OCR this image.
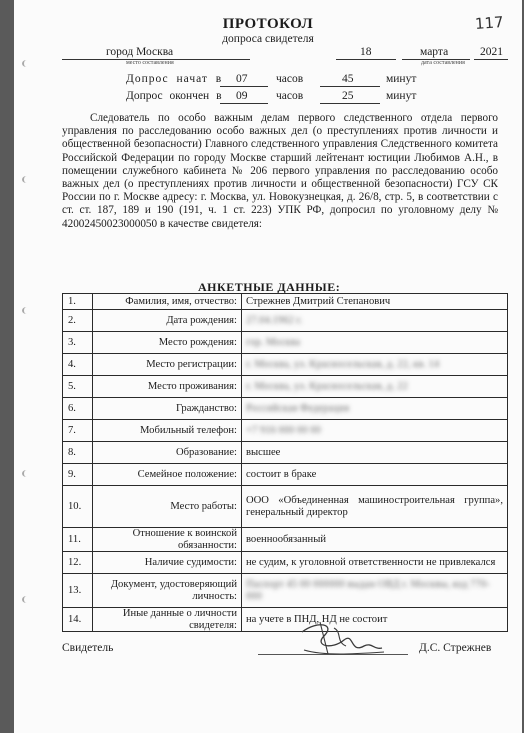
117
ПРОТОКОЛ
допроса свидетеля
город Москва
место составления
18	марта	2021
дата составления
Допрос начат в 07 часов	45	минут
Допрос окончен в 09 часов	25	минут

Следователь по особо важным делам первого следственного отдела первого управления по расследованию особо важных дел (о преступлениях против личности и общественной безопасности) Главного следственного управления Следственного комитета Российской Федерации по городу Москве старший лейтенант юстиции Любимов А.Н., в помещении служебного кабинета № 206 первого управления по расследованию особо важных дел (о преступлениях против личности и общественной безопасности) ГСУ СК России по г. Москве адресу: г. Москва, ул. Новокузнецкая, д. 26/8, стр. 5, в соответствии с ст. ст. 187, 189 и 190 (191, ч. 1 ст. 223) УПК РФ, допросил по уголовному делу № 42002450023000050 в качестве свидетеля:

АНКЕТНЫЕ ДАННЫЕ:
1.	Фамилия, имя, отчество:	Стрежнев Дмитрий Степанович
2.	Дата рождения:	27.04.1962 г.
3.	Место рождения:	гор. Москва
4.	Место регистрации:	г. Москва, ул. Красносельская, д. 22, кв. 14
5.	Место проживания:	г. Москва, ул. Красносельская, д. 22
6.	Гражданство:	Российская Федерация
7.	Мобильный телефон:	+7 916 000 00 00
8.	Образование:	высшее
9.	Семейное положение:	состоит в браке
10.	Место работы:	ООО «Объединенная машиностроительная группа», генеральный директор
11.	Отношение к воинской обязанности:	военнообязанный
12.	Наличие судимости:	не судим, к уголовной ответственности не привлекался
13.	Документ, удостоверяющий личность:	Паспорт 45 00 000000 выдан ОВД г. Москвы, код 770-000
14.	Иные данные о личности свидетеля:	на учете в ПНД, НД не состоит
Свидетель	Д.С. Стрежнев
